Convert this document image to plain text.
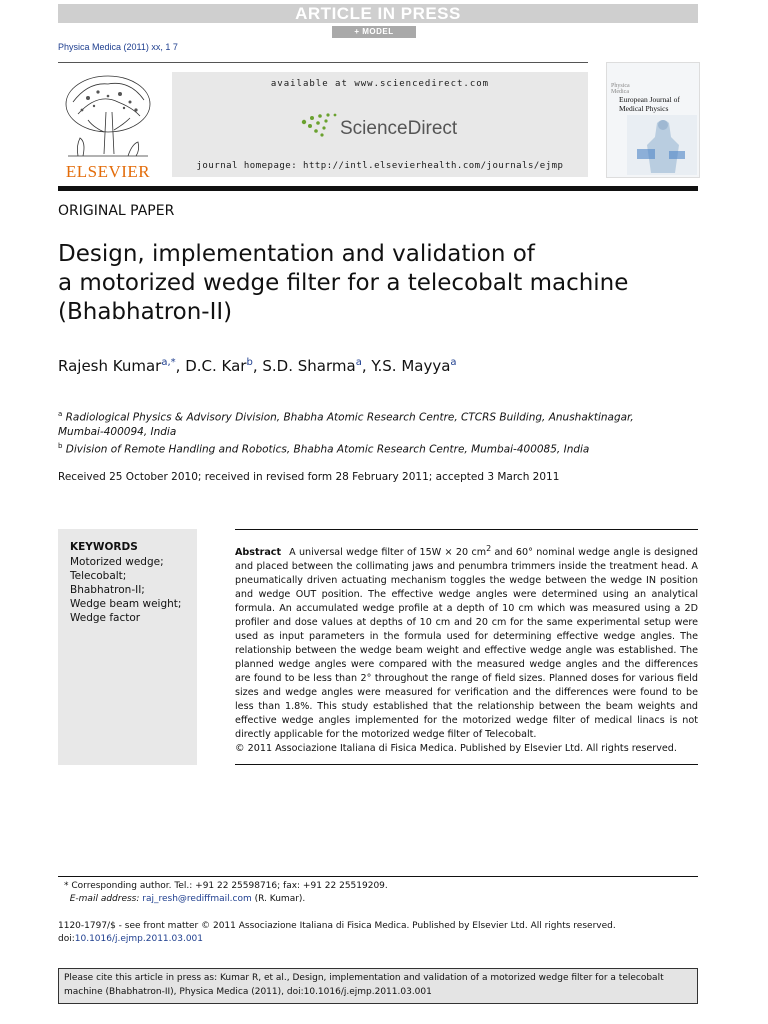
ARTICLE IN PRESS
+ MODEL
Physica Medica (2011) xx, 1 7
ELSEVIER
available at www.sciencedirect.com
ScienceDirect
journal homepage: http://intl.elsevierhealth.com/journals/ejmp
Physica Medica
European Journal of Medical Physics
ORIGINAL PAPER
Design, implementation and validation of
a motorized wedge filter for a telecobalt machine
(Bhabhatron-II)
Rajesh Kumar$^{a,*}$, D.C. Kar$^b$, S.D. Sharma$^a$, Y.S. Mayya$^a$
$^a$ Radiological Physics & Advisory Division, Bhabha Atomic Research Centre, CTCRS Building, Anushaktinagar,
Mumbai-400094, India
$^b$ Division of Remote Handling and Robotics, Bhabha Atomic Research Centre, Mumbai-400085, India
Received 25 October 2010; received in revised form 28 February 2011; accepted 3 March 2011
KEYWORDS
Motorized wedge;
Telecobalt;
Bhabhatron-II;
Wedge beam weight;
Wedge factor
Abstract A universal wedge filter of 15W × 20 $cm^2$ and 60° nominal wedge angle is designed and placed between the collimating jaws and penumbra trimmers inside the treatment head. A pneumatically driven actuating mechanism toggles the wedge between the wedge IN position and wedge OUT position. The effective wedge angles were determined using an analytical formula. An accumulated wedge profile at a depth of 10 cm which was measured using a 2D profiler and dose values at depths of 10 cm and 20 cm for the same experimental setup were used as input parameters in the formula used for determining effective wedge angles. The relationship between the wedge beam weight and effective wedge angle was established. The planned wedge angles were compared with the measured wedge angles and the differences are found to be less than 2° throughout the range of field sizes. Planned doses for various field sizes and wedge angles were measured for verification and the differences were found to be less than 1.8%. This study established that the relationship between the beam weights and effective wedge angles implemented for the motorized wedge filter of medical linacs is not directly applicable for the motorized wedge filter of Telecobalt.
© 2011 Associazione Italiana di Fisica Medica. Published by Elsevier Ltd. All rights reserved.
* Corresponding author. Tel.: +91 22 25598716; fax: +91 22 25519209.
E-mail address: raj_resh@rediffmail.com (R. Kumar).
1120-1797/$ - see front matter © 2011 Associazione Italiana di Fisica Medica. Published by Elsevier Ltd. All rights reserved.
doi:10.1016/j.ejmp.2011.03.001
Please cite this article in press as: Kumar R, et al., Design, implementation and validation of a motorized wedge filter for a telecobalt machine (Bhabhatron-II), Physica Medica (2011), doi:10.1016/j.ejmp.2011.03.001
